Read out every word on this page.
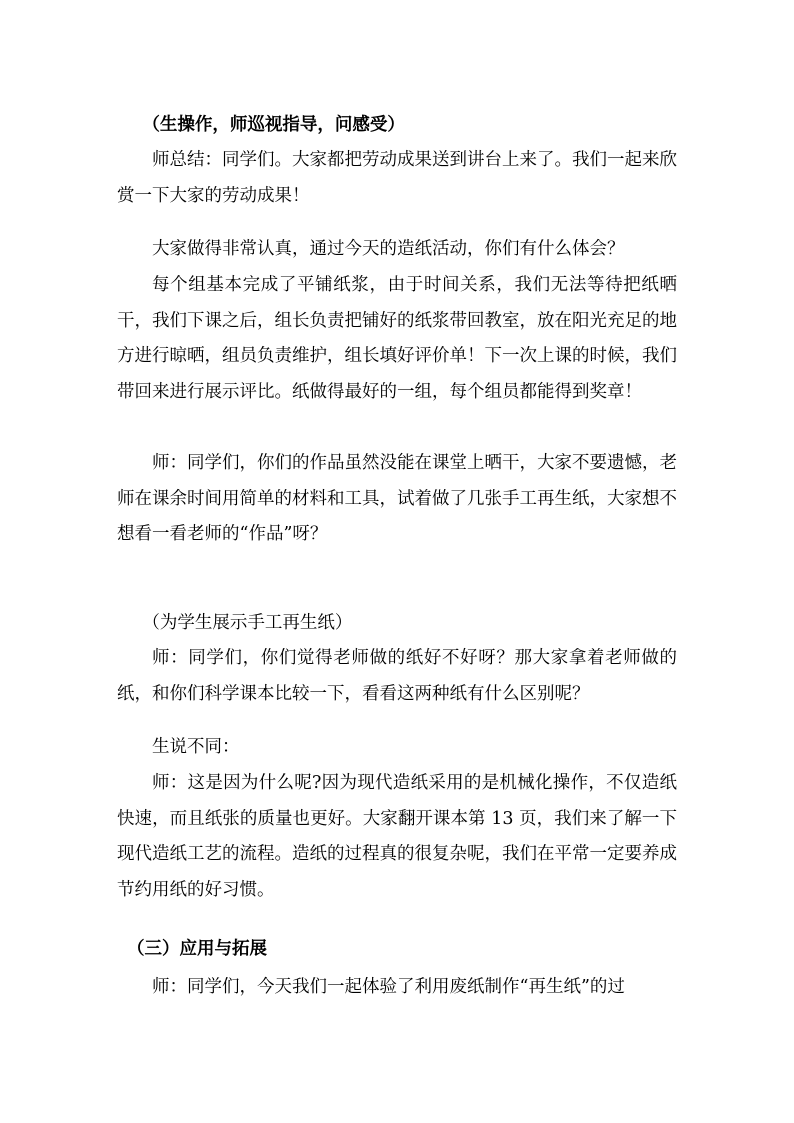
（生操作，师巡视指导，问感受）

师总结：同学们。大家都把劳动成果送到讲台上来了。我们一起来欣赏一下大家的劳动成果！

大家做得非常认真，通过今天的造纸活动，你们有什么体会？

每个组基本完成了平铺纸浆，由于时间关系，我们无法等待把纸晒干，我们下课之后，组长负责把铺好的纸浆带回教室，放在阳光充足的地方进行晾晒，组员负责维护，组长填好评价单！下一次上课的时候，我们带回来进行展示评比。纸做得最好的一组，每个组员都能得到奖章！

师：同学们，你们的作品虽然没能在课堂上晒干，大家不要遗憾，老师在课余时间用简单的材料和工具，试着做了几张手工再生纸，大家想不想看一看老师的“作品”呀？

（为学生展示手工再生纸）

师：同学们，你们觉得老师做的纸好不好呀？那大家拿着老师做的纸，和你们科学课本比较一下，看看这两种纸有什么区别呢？

生说不同：

师：这是因为什么呢?因为现代造纸采用的是机械化操作，不仅造纸快速，而且纸张的质量也更好。大家翻开课本第 13 页，我们来了解一下现代造纸工艺的流程。造纸的过程真的很复杂呢，我们在平常一定要养成节约用纸的好习惯。

（三）应用与拓展

师：同学们，今天我们一起体验了利用废纸制作“再生纸”的过
